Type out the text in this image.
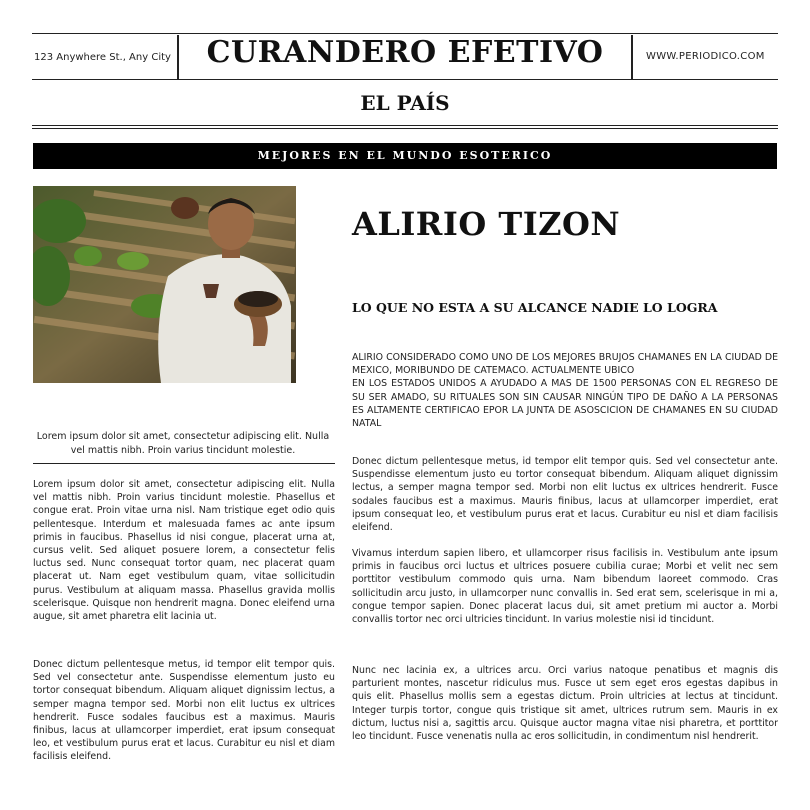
123 Anywhere St., Any City	CURANDERO EFETIVO	WWW.PERIODICO.COM
EL PAÍS
MEJORES EN EL MUNDO ESOTERICO
Lorem ipsum dolor sit amet, consectetur adipiscing elit. Nulla vel mattis nibh. Proin varius tincidunt molestie.
ALIRIO TIZON
LO QUE NO ESTA A SU ALCANCE NADIE LO LOGRA

ALIRIO CONSIDERADO COMO UNO DE LOS MEJORES BRUJOS CHAMANES EN LA CIUDAD DE MEXICO, MORIBUNDO DE CATEMACO. ACTUALMENTE UBICO

EN LOS ESTADOS UNIDOS A AYUDADO A MAS DE 1500 PERSONAS CON EL REGRESO DE SU SER AMADO, SU RITUALES SON SIN CAUSAR NINGÚN TIPO DE DAÑO A LA PERSONAS ES ALTAMENTE CERTIFICAO EPOR LA JUNTA DE ASOSCICION DE CHAMANES EN SU CIUDAD NATAL

Donec dictum pellentesque metus, id tempor elit tempor quis. Sed vel consectetur ante. Suspendisse elementum justo eu tortor consequat bibendum. Aliquam aliquet dignissim lectus, a semper magna tempor sed. Morbi non elit luctus ex ultrices hendrerit. Fusce sodales faucibus est a maximus. Mauris finibus, lacus at ullamcorper imperdiet, erat ipsum consequat leo, et vestibulum purus erat et lacus. Curabitur eu nisl et diam facilisis eleifend.
Vivamus interdum sapien libero, et ullamcorper risus facilisis in. Vestibulum ante ipsum primis in faucibus orci luctus et ultrices posuere cubilia curae; Morbi et velit nec sem porttitor vestibulum commodo quis urna. Nam bibendum laoreet commodo. Cras sollicitudin arcu justo, in ullamcorper nunc convallis in. Sed erat sem, scelerisque in mi a, congue tempor sapien. Donec placerat lacus dui, sit amet pretium mi auctor a. Morbi convallis tortor nec orci ultricies tincidunt. In varius molestie nisi id tincidunt.
Nunc nec lacinia ex, a ultrices arcu. Orci varius natoque penatibus et magnis dis parturient montes, nascetur ridiculus mus. Fusce ut sem eget eros egestas dapibus in quis elit. Phasellus mollis sem a egestas dictum. Proin ultricies at lectus at tincidunt. Integer turpis tortor, congue quis tristique sit amet, ultrices rutrum sem. Mauris in ex dictum, luctus nisi a, sagittis arcu. Quisque auctor magna vitae nisi pharetra, et porttitor leo tincidunt. Fusce venenatis nulla ac eros sollicitudin, in condimentum nisl hendrerit.
Lorem ipsum dolor sit amet, consectetur adipiscing elit. Nulla vel mattis nibh. Proin varius tincidunt molestie. Phasellus et congue erat. Proin vitae urna nisl. Nam tristique eget odio quis pellentesque. Interdum et malesuada fames ac ante ipsum primis in faucibus. Phasellus id nisi congue, placerat urna at, cursus velit. Sed aliquet posuere lorem, a consectetur felis luctus sed. Nunc consequat tortor quam, nec placerat quam placerat ut. Nam eget vestibulum quam, vitae sollicitudin purus. Vestibulum at aliquam massa. Phasellus gravida mollis scelerisque. Quisque non hendrerit magna. Donec eleifend urna augue, sit amet pharetra elit lacinia ut.
Donec dictum pellentesque metus, id tempor elit tempor quis. Sed vel consectetur ante. Suspendisse elementum justo eu tortor consequat bibendum. Aliquam aliquet dignissim lectus, a semper magna tempor sed. Morbi non elit luctus ex ultrices hendrerit. Fusce sodales faucibus est a maximus. Mauris finibus, lacus at ullamcorper imperdiet, erat ipsum consequat leo, et vestibulum purus erat et lacus. Curabitur eu nisl et diam facilisis eleifend.
